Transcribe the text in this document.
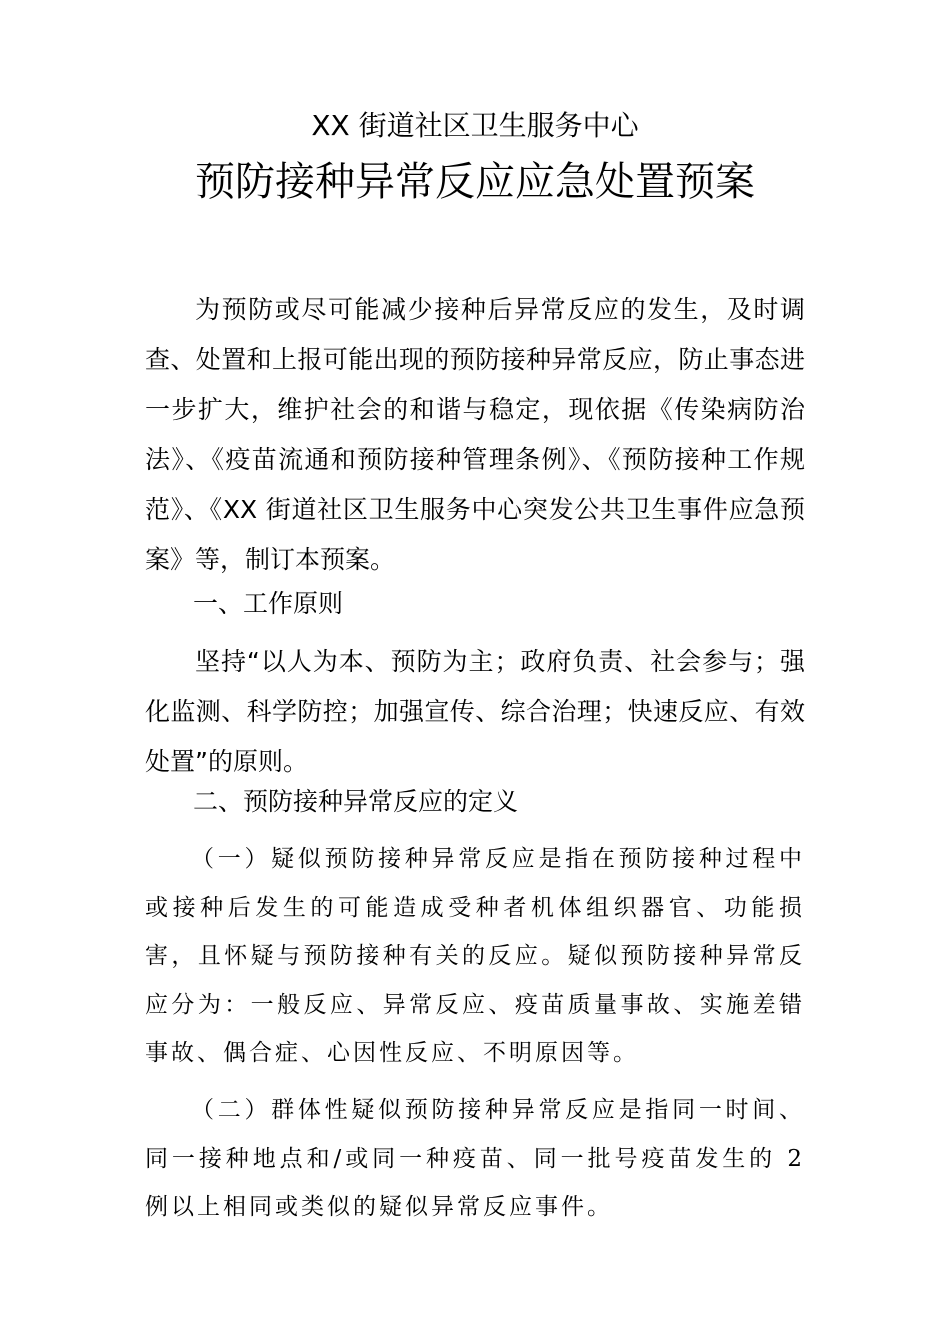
XX 街道社区卫生服务中心
预防接种异常反应应急处置预案
为预防或尽可能减少接种后异常反应的发生，及时调查、处置和上报可能出现的预防接种异常反应，防止事态进一步扩大，维护社会的和谐与稳定，现依据《传染病防治法》、《疫苗流通和预防接种管理条例》、《预防接种工作规范》、《XX 街道社区卫生服务中心突发公共卫生事件应急预案》等，制订本预案。
一、工作原则
坚持“以人为本、预防为主；政府负责、社会参与；强化监测、科学防控；加强宣传、综合治理；快速反应、有效处置”的原则。
二、预防接种异常反应的定义
（一）疑似预防接种异常反应是指在预防接种过程中或接种后发生的可能造成受种者机体组织器官、功能损害，且怀疑与预防接种有关的反应。疑似预防接种异常反应分为：一般反应、异常反应、疫苗质量事故、实施差错事故、偶合症、心因性反应、不明原因等。
（二）群体性疑似预防接种异常反应是指同一时间、同一接种地点和/或同一种疫苗、同一批号疫苗发生的 2 例以上相同或类似的疑似异常反应事件。
